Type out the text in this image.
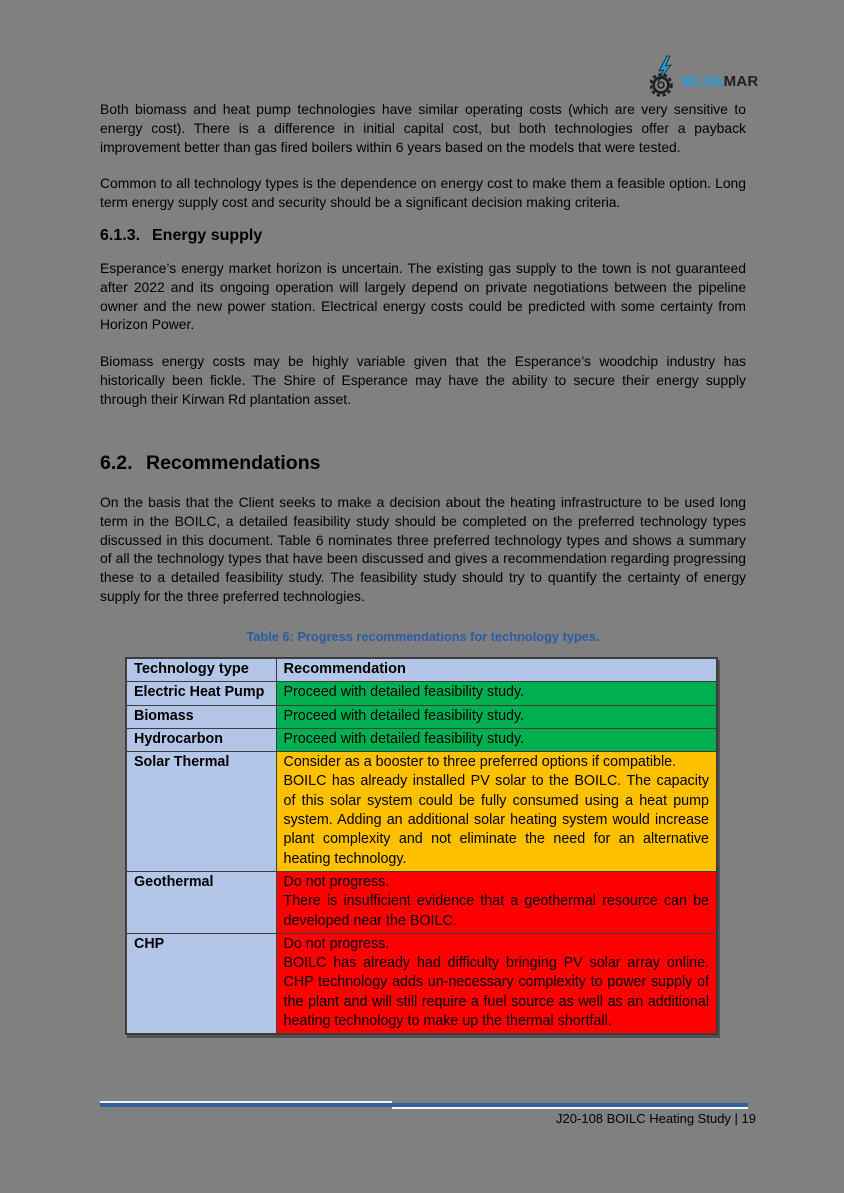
BLUEMAR

Both biomass and heat pump technologies have similar operating costs (which are very sensitive to energy cost). There is a difference in initial capital cost, but both technologies offer a payback improvement better than gas fired boilers within 6 years based on the models that were tested.

Common to all technology types is the dependence on energy cost to make them a feasible option. Long term energy supply cost and security should be a significant decision making criteria.

6.1.3. Energy supply

Esperance’s energy market horizon is uncertain. The existing gas supply to the town is not guaranteed after 2022 and its ongoing operation will largely depend on private negotiations between the pipeline owner and the new power station. Electrical energy costs could be predicted with some certainty from Horizon Power.

Biomass energy costs may be highly variable given that the Esperance’s woodchip industry has historically been fickle. The Shire of Esperance may have the ability to secure their energy supply through their Kirwan Rd plantation asset.

6.2. Recommendations

On the basis that the Client seeks to make a decision about the heating infrastructure to be used long term in the BOILC, a detailed feasibility study should be completed on the preferred technology types discussed in this document. Table 6 nominates three preferred technology types and shows a summary of all the technology types that have been discussed and gives a recommendation regarding progressing these to a detailed feasibility study. The feasibility study should try to quantify the certainty of energy supply for the three preferred technologies.

Table 6: Progress recommendations for technology types.
Technology type	Recommendation
Electric Heat Pump	Proceed with detailed feasibility study.

Biomass	Proceed with detailed feasibility study.

Hydrocarbon	Proceed with detailed feasibility study.

Solar Thermal	Consider as a booster to three preferred options if compatible.
BOILC has already installed PV solar to the BOILC. The capacity of this solar system could be fully consumed using a heat pump system. Adding an additional solar heating system would increase plant complexity and not eliminate the need for an alternative heating technology.

Geothermal	Do not progress.
There is insufficient evidence that a geothermal resource can be developed near the BOILC.

CHP	Do not progress.
BOILC has already had difficulty bringing PV solar array online. CHP technology adds un-necessary complexity to power supply of the plant and will still require a fuel source as well as an additional heating technology to make up the thermal shortfall.
J20-108 BOILC Heating Study | 19
